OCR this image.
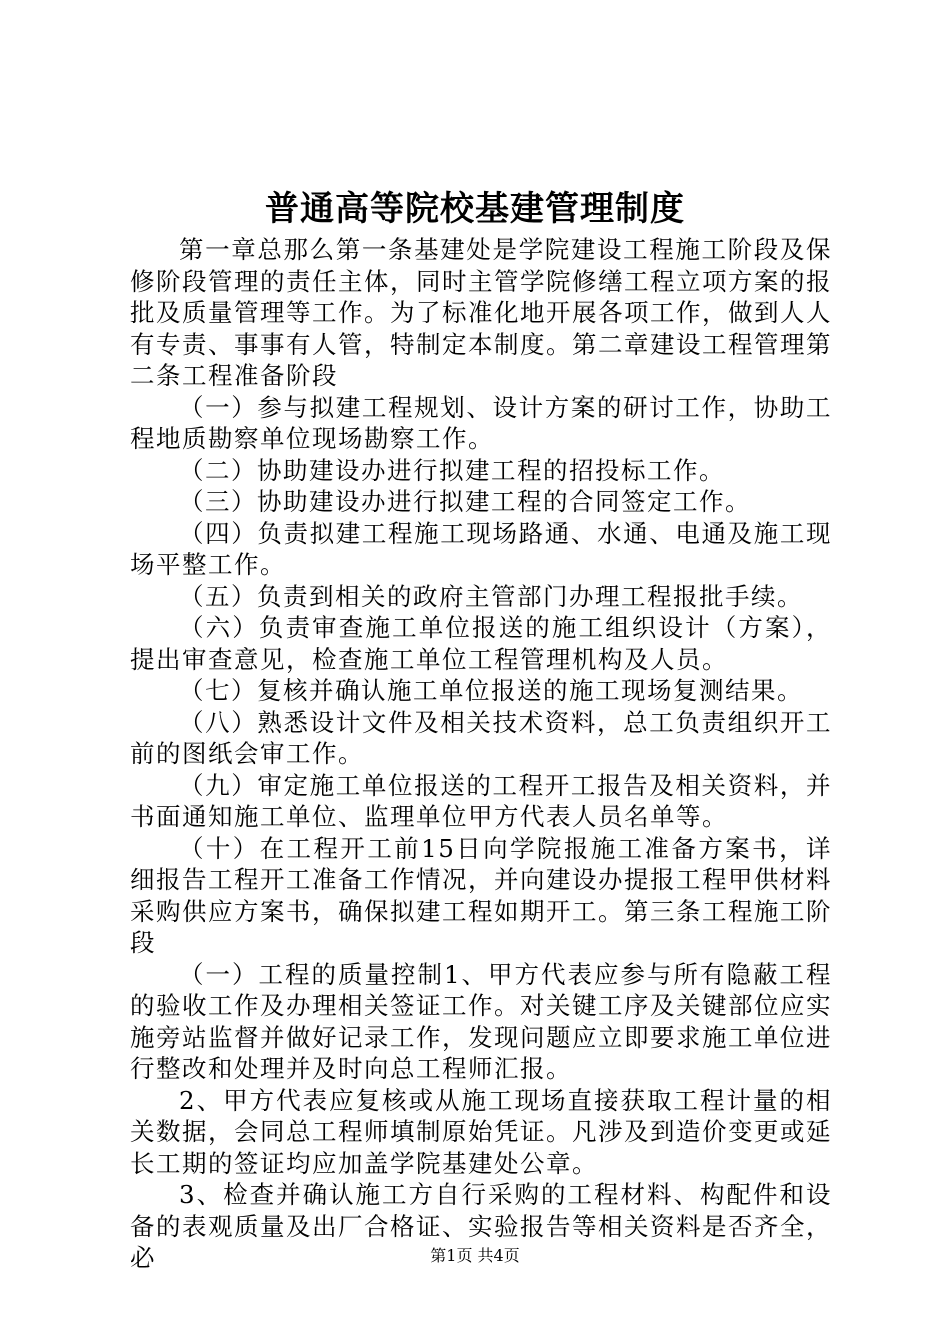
普通高等院校基建管理制度

第一章总那么第一条基建处是学院建设工程施工阶段及保修阶段管理的责任主体，同时主管学院修缮工程立项方案的报批及质量管理等工作。为了标准化地开展各项工作，做到人人有专责、事事有人管，特制定本制度。第二章建设工程管理第二条工程准备阶段

（一）参与拟建工程规划、设计方案的研讨工作，协助工程地质勘察单位现场勘察工作。

（二）协助建设办进行拟建工程的招投标工作。

（三）协助建设办进行拟建工程的合同签定工作。

（四）负责拟建工程施工现场路通、水通、电通及施工现场平整工作。

（五）负责到相关的政府主管部门办理工程报批手续。

（六）负责审查施工单位报送的施工组织设计（方案），提出审查意见，检查施工单位工程管理机构及人员。

（七）复核并确认施工单位报送的施工现场复测结果。

（八）熟悉设计文件及相关技术资料，总工负责组织开工前的图纸会审工作。

（九）审定施工单位报送的工程开工报告及相关资料，并书面通知施工单位、监理单位甲方代表人员名单等。

（十）在工程开工前15日向学院报施工准备方案书，详细报告工程开工准备工作情况，并向建设办提报工程甲供材料采购供应方案书，确保拟建工程如期开工。第三条工程施工阶段

（一）工程的质量控制1、甲方代表应参与所有隐蔽工程的验收工作及办理相关签证工作。对关键工序及关键部位应实施旁站监督并做好记录工作，发现问题应立即要求施工单位进行整改和处理并及时向总工程师汇报。

2、甲方代表应复核或从施工现场直接获取工程计量的相关数据，会同总工程师填制原始凭证。凡涉及到造价变更或延长工期的签证均应加盖学院基建处公章。

3、检查并确认施工方自行采购的工程材料、构配件和设备的表观质量及出厂合格证、实验报告等相关资料是否齐全，必	第1页 共4页
